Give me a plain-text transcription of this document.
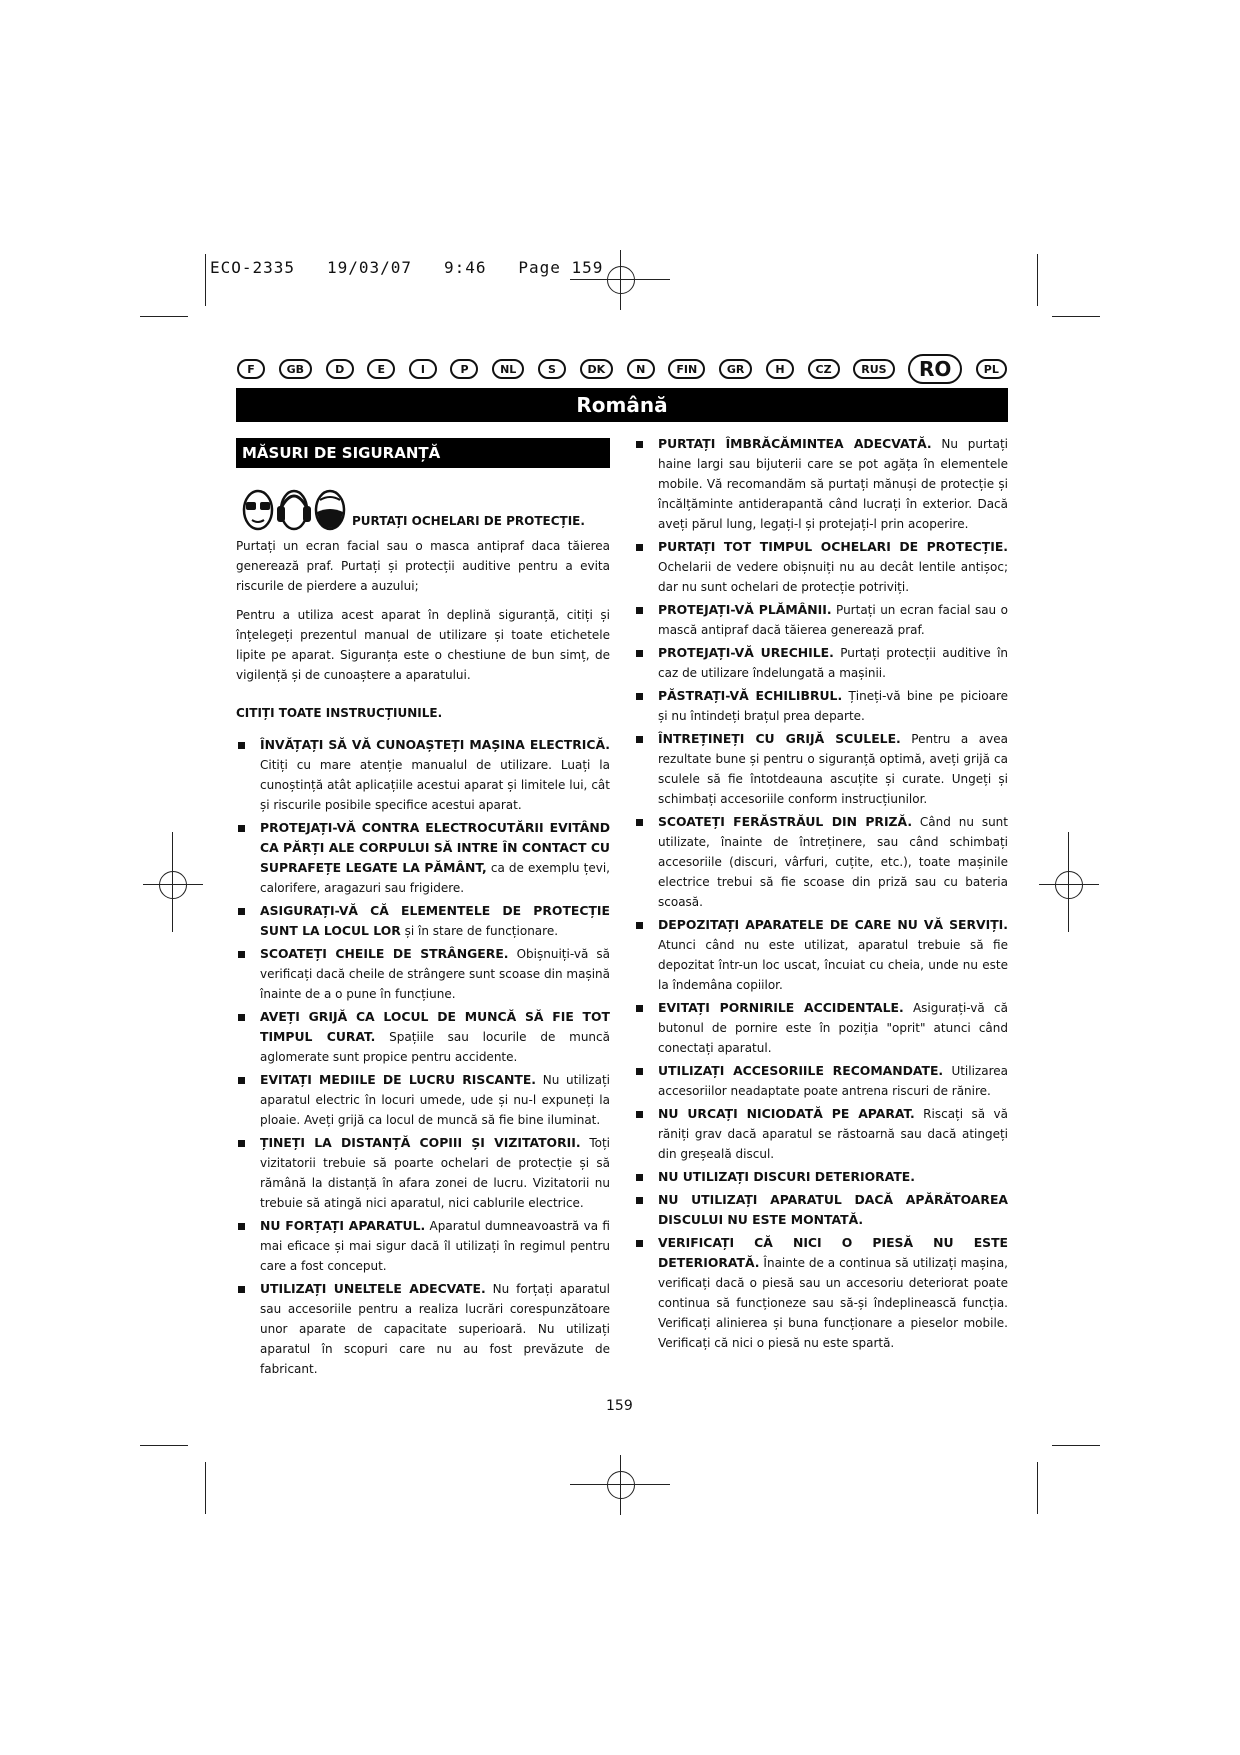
ECO-2335 19/03/07 9:46 Page 159
F	GB	D	E	I	P	NL	S	DK	N	FIN	GR	H	CZ	RUS	RO	PL
Română
MĂSURI DE SIGURANȚĂ
PURTAȚI OCHELARI DE PROTECȚIE.

Purtați un ecran facial sau o masca antipraf daca tăierea generează praf. Purtați și protecții auditive pentru a evita riscurile de pierdere a auzului;

Pentru a utiliza acest aparat în deplină siguranță, citiți și înțelegeți prezentul manual de utilizare și toate etichetele lipite pe aparat. Siguranța este o chestiune de bun simț, de vigilență și de cunoaștere a aparatului.

CITIȚI TOATE INSTRUCȚIUNILE.
ÎNVĂȚAȚI SĂ VĂ CUNOAȘTEȚI MAȘINA ELECTRICĂ. Citiți cu mare atenție manualul de utilizare. Luați la cunoștință atât aplicațiile acestui aparat și limitele lui, cât și riscurile posibile specifice acestui aparat.
PROTEJAȚI-VĂ CONTRA ELECTROCUTĂRII EVITÂND CA PĂRȚI ALE CORPULUI SĂ INTRE ÎN CONTACT CU SUPRAFEȚE LEGATE LA PĂMÂNT, ca de exemplu țevi, calorifere, aragazuri sau frigidere.
ASIGURAȚI-VĂ CĂ ELEMENTELE DE PROTECȚIE SUNT LA LOCUL LOR și în stare de funcționare.
SCOATEȚI CHEILE DE STRÂNGERE. Obișnuiți-vă să verificați dacă cheile de strângere sunt scoase din mașină înainte de a o pune în funcțiune.
AVEȚI GRIJĂ CA LOCUL DE MUNCĂ SĂ FIE TOT TIMPUL CURAT. Spațiile sau locurile de muncă aglomerate sunt propice pentru accidente.
EVITAȚI MEDIILE DE LUCRU RISCANTE. Nu utilizați aparatul electric în locuri umede, ude și nu-l expuneți la ploaie. Aveți grijă ca locul de muncă să fie bine iluminat.
ȚINEȚI LA DISTANȚĂ COPIII ȘI VIZITATORII. Toți vizitatorii trebuie să poarte ochelari de protecție și să rămână la distanță în afara zonei de lucru. Vizitatorii nu trebuie să atingă nici aparatul, nici cablurile electrice.
NU FORȚAȚI APARATUL. Aparatul dumneavoastră va fi mai eficace și mai sigur dacă îl utilizați în regimul pentru care a fost conceput.
UTILIZAȚI UNELTELE ADECVATE. Nu forțați aparatul sau accesoriile pentru a realiza lucrări corespunzătoare unor aparate de capacitate superioară. Nu utilizați aparatul în scopuri care nu au fost prevăzute de fabricant.
PURTAȚI ÎMBRĂCĂMINTEA ADECVATĂ. Nu purtați haine largi sau bijuterii care se pot agăța în elementele mobile. Vă recomandăm să purtați mănuși de protecție și încălțăminte antiderapantă când lucrați în exterior. Dacă aveți părul lung, legați-l și protejați-l prin acoperire.
PURTAȚI TOT TIMPUL OCHELARI DE PROTECȚIE. Ochelarii de vedere obișnuiți nu au decât lentile antișoc; dar nu sunt ochelari de protecție potriviți.
PROTEJAȚI-VĂ PLĂMÂNII. Purtați un ecran facial sau o mască antipraf dacă tăierea generează praf.
PROTEJAȚI-VĂ URECHILE. Purtați protecții auditive în caz de utilizare îndelungată a mașinii.
PĂSTRAȚI-VĂ ECHILIBRUL. Țineți-vă bine pe picioare și nu întindeți brațul prea departe.
ÎNTREȚINEȚI CU GRIJĂ SCULELE. Pentru a avea rezultate bune și pentru o siguranță optimă, aveți grijă ca sculele să fie întotdeauna ascuțite și curate. Ungeți și schimbați accesoriile conform instrucțiunilor.
SCOATEȚI FERĂSTRĂUL DIN PRIZĂ. Când nu sunt utilizate, înainte de întreținere, sau când schimbați accesoriile (discuri, vârfuri, cuțite, etc.), toate mașinile electrice trebui să fie scoase din priză sau cu bateria scoasă.
DEPOZITAȚI APARATELE DE CARE NU VĂ SERVIȚI. Atunci când nu este utilizat, aparatul trebuie să fie depozitat într-un loc uscat, încuiat cu cheia, unde nu este la îndemâna copiilor.
EVITAȚI PORNIRILE ACCIDENTALE. Asigurați-vă că butonul de pornire este în poziția "oprit" atunci când conectați aparatul.
UTILIZAȚI ACCESORIILE RECOMANDATE. Utilizarea accesoriilor neadaptate poate antrena riscuri de rănire.
NU URCAȚI NICIODATĂ PE APARAT. Riscați să vă răniți grav dacă aparatul se răstoarnă sau dacă atingeți din greșeală discul.
NU UTILIZAȚI DISCURI DETERIORATE.
NU UTILIZAȚI APARATUL DACĂ APĂRĂTOAREA DISCULUI NU ESTE MONTATĂ.
VERIFICAȚI CĂ NICI O PIESĂ NU ESTE DETERIORATĂ. Înainte de a continua să utilizați mașina, verificați dacă o piesă sau un accesoriu deteriorat poate continua să funcționeze sau să-și îndeplinească funcția. Verificați alinierea și buna funcționare a pieselor mobile. Verificați că nici o piesă nu este spartă.
159
